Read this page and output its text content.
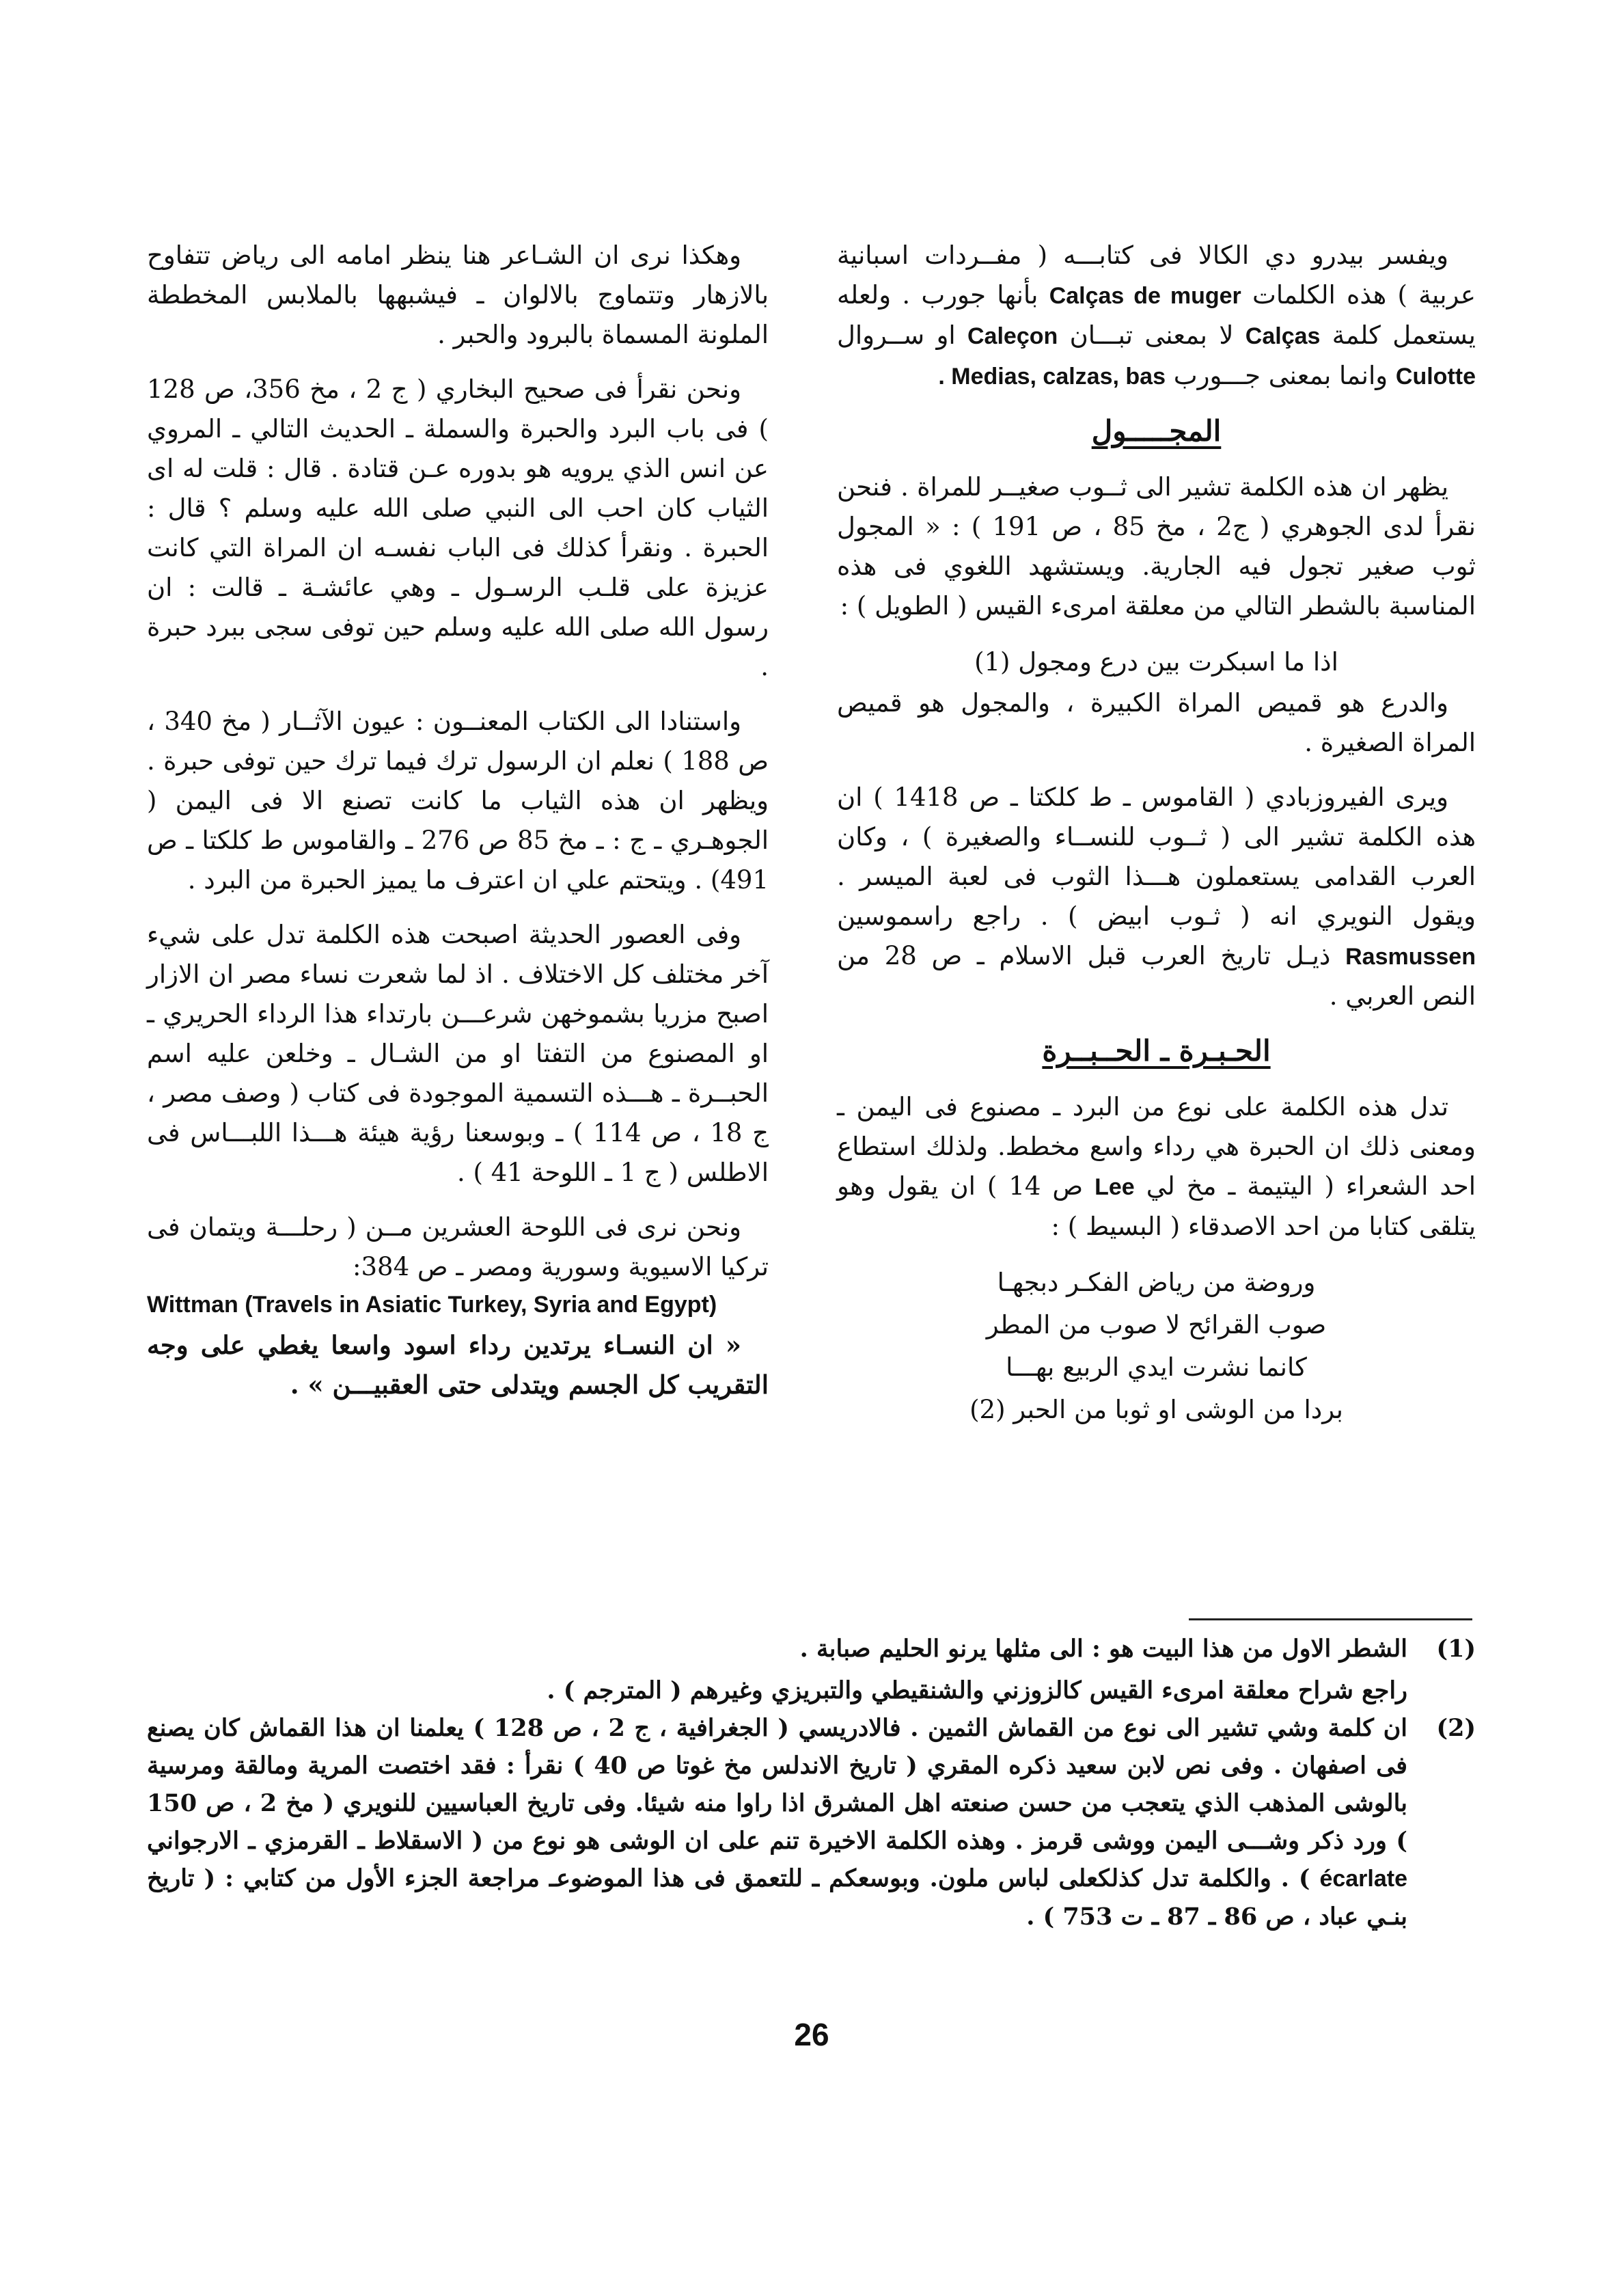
ويفسر بيدرو دي الكالا فى كتابـــه ( مفــردات اسبانية عربية ) هذه الكلمات Calças de muger بأنها جورب . ولعله يستعمل كلمة Calças لا بمعنى تبـــان Caleçon او ســروال Culotte وانما بمعنى جـــورب . Medias, calzas, bas

المجـــــول

يظهر ان هذه الكلمة تشير الى ثــوب صغيــر للمراة . فنحن نقرأ لدى الجوهري ( ج2 ، مخ 85 ، ص 191 ) : « المجول ثوب صغير تجول فيه الجارية. ويستشهد اللغوي فى هذه المناسبة بالشطر التالي من معلقة امرىء القيس ( الطويل ) :

اذا ما اسبكرت بين درع ومجول (1)

والدرع هو قميص المراة الكبيرة ، والمجول هو قميص المراة الصغيرة .

ويرى الفيروزبادي ( القاموس ـ ط كلكتا ـ ص 1418 ) ان هذه الكلمة تشير الى ( ثــوب للنســاء والصغيرة ) ، وكان العرب القدامى يستعملون هـــذا الثوب فى لعبة الميسر . ويقول النويري انه ( ثـوب ابيض ) . راجع راسموسين Rasmussen ذيـل تاريخ العرب قبل الاسلام ـ ص 28 من النص العربي .

الحـبـرة ـ الحــبــرة

تدل هذه الكلمة على نوع من البرد ـ مصنوع فى اليمن ـ ومعنى ذلك ان الحبرة هي رداء واسع مخطط. ولذلك استطاع احد الشعراء ( اليتيمة ـ مخ لي Lee ص 14 ) ان يقول وهو يتلقى كتابا من احد الاصدقاء ( البسيط ) :

وروضة من رياض الفكـر دبجهـا

صوب القرائح لا صوب من المطر

كانما نشرت ايدي الربيع بهـــا

بردا من الوشى او ثوبا من الحبر (2)

وهكذا نرى ان الشـاعر هنا ينظر امامه الى رياض تتفاوح بالازهار وتتماوج بالالوان ـ فيشبهها بالملابس المخططة الملونة المسماة بالبرود والحبر .

ونحن نقرأ فى صحيح البخاري ( ج 2 ، مخ 356، ص 128 ) فى باب البرد والحبرة والسملة ـ الحديث التالي ـ المروي عن انس الذي يرويه هو بدوره عـن قتادة . قال : قلت له اى الثياب كان احب الى النبي صلى الله عليه وسلم ؟ قال : الحبرة . ونقرأ كذلك فى الباب نفسـه ان المراة التي كانت عزيزة على قلـب الرسـول ـ وهي عائشـة ـ قالت : ان رسول الله صلى الله عليه وسلم حين توفى سجى ببرد حبرة .

واستنادا الى الكتاب المعنــون : عيون الآثــار ( مخ 340 ، ص 188 ) نعلم ان الرسول ترك فيما ترك حين توفى حبرة . ويظهر ان هذه الثياب ما كانت تصنع الا فى اليمن ( الجوهـري ـ ج : ـ مخ 85 ص 276 ـ والقاموس ط كلكتا ـ ص 491) . ويتحتم علي ان اعترف ما يميز الحبرة من البرد .

وفى العصور الحديثة اصبحت هذه الكلمة تدل على شيء آخر مختلف كل الاختلاف . اذ لما شعرت نساء مصر ان الازار اصبح مزريا بشموخهن شرعـــن بارتداء هذا الرداء الحريري ـ او المصنوع من التفتا او من الشـال ـ وخلعن عليه اسم الحبــرة ـ هـــذه التسمية الموجودة فى كتاب ( وصف مصر ، ج 18 ، ص 114 ) ـ وبوسعنا رؤية هيئة هـــذا اللبـــاس فى الاطلس ( ج 1 ـ اللوحة 41 ) .

ونحن نرى فى اللوحة العشرين مــن ( رحلـــة ويتمان فى تركيا الاسيوية وسورية ومصر ـ ص 384:

Wittman (Travels in Asiatic Turkey, Syria and Egypt)

« ان النسـاء يرتدين رداء اسود واسعا يغطي على وجه التقريب كل الجسم ويتدلى حتى العقبيـــن » .

(1)
الشطر الاول من هذا البيت هو : الى مثلها يرنو الحليم صبابة .

راجع شراح معلقة امرىء القيس كالزوزني والشنقيطي والتبريزي وغيرهم ( المترجم ) .

(2)
ان كلمة وشي تشير الى نوع من القماش الثمين . فالادريسي ( الجغرافية ، ج 2 ، ص 128 ) يعلمنا ان هذا القماش كان يصنع فى اصفهان . وفى نص لابن سعيد ذكره المقري ( تاريخ الاندلس مخ غوتا ص 40 ) نقرأ : فقد اختصت المرية ومالقة ومرسية بالوشى المذهب الذي يتعجب من حسن صنعته اهل المشرق اذا راوا منه شيئا. وفى تاريخ العباسيين للنويري ( مخ 2 ، ص 150 ) ورد ذكر وشـــى اليمن ووشى قرمز . وهذه الكلمة الاخيرة تنم على ان الوشى هو نوع من ( الاسقلاط ـ القرمزي ـ الارجواني écarlate ) . والكلمة تدل كذلكعلى لباس ملون. وبوسعكم ـ للتعمق فى هذا الموضوعـ مراجعة الجزء الأول من كتابي : ( تاريخ بنـي عباد ، ص 86 ـ 87 ـ ت 753 ) .
26
